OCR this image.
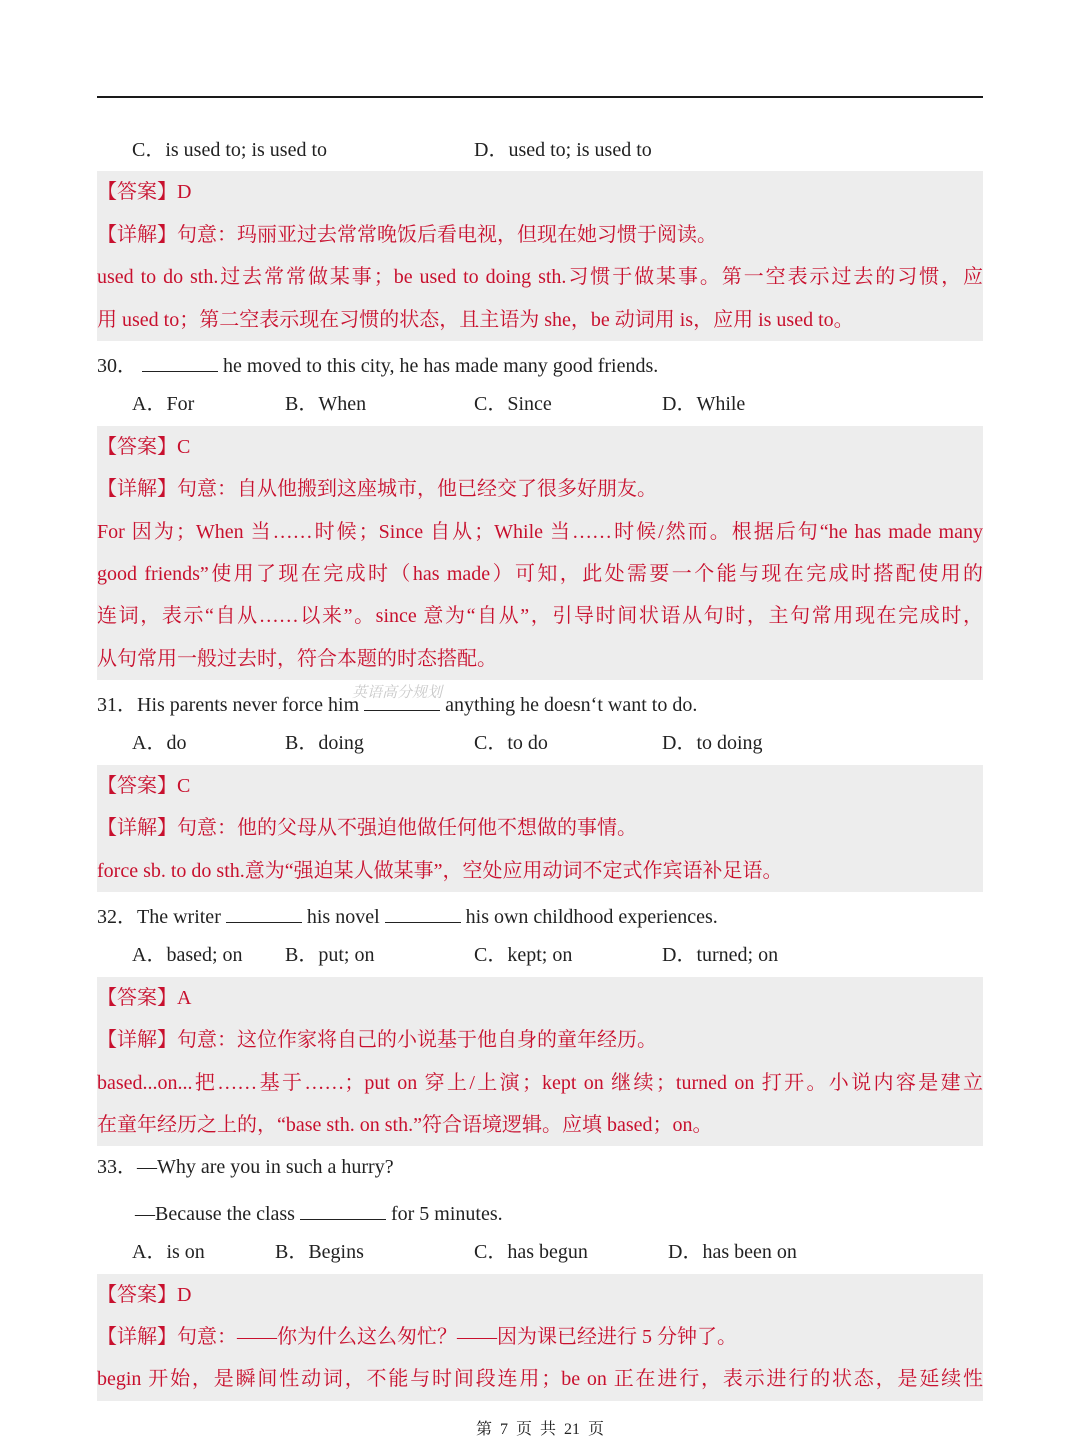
C．is used to; is used to	D．used to; is used to
【答案】D
【详解】句意：玛丽亚过去常常晚饭后看电视，但现在她习惯于阅读。
used to do sth.过去常常做某事；be used to doing sth.习惯于做某事。第一空表示过去的习惯，应
用 used to；第二空表示现在习惯的状态，且主语为 she，be 动词用 is，应用 is used to。
30．	he moved to this city, he has made many good friends.
A．For	B．When	C．Since	D．While
【答案】C
【详解】句意：自从他搬到这座城市，他已经交了很多好朋友。
For 因为；When 当……时候；Since 自从；While 当……时候/然而。根据后句“he has made many
good friends”使用了现在完成时（has made）可知，此处需要一个能与现在完成时搭配使用的
连词，表示“自从……以来”。since 意为“自从”，引导时间状语从句时，主句常用现在完成时，
从句常用一般过去时，符合本题的时态搭配。
31．His parents never force him	anything he doesn‘t want to do.
A．do	B．doing	C．to do	D．to doing
【答案】C
【详解】句意：他的父母从不强迫他做任何他不想做的事情。
force sb. to do sth.意为“强迫某人做某事”，空处应用动词不定式作宾语补足语。
32．The writer	his novel	his own childhood experiences.
A．based; on B．put; on	C．kept; on	D．turned; on
【答案】A
【详解】句意：这位作家将自己的小说基于他自身的童年经历。
based...on...把……基于……；put on 穿上/上演；kept on 继续；turned on 打开。小说内容是建立
在童年经历之上的，“base sth. on sth.”符合语境逻辑。应填 based；on。
33．—Why are you in such a hurry?
—Because the class	for 5 minutes.
A．is on	B．Begins	C．has begun	D．has been on
【答案】D
【详解】句意：——你为什么这么匆忙？——因为课已经进行 5 分钟了。
begin 开始，是瞬间性动词，不能与时间段连用；be on 正在进行，表示进行的状态，是延续性
英语高分规划
第 7 页 共 21 页
